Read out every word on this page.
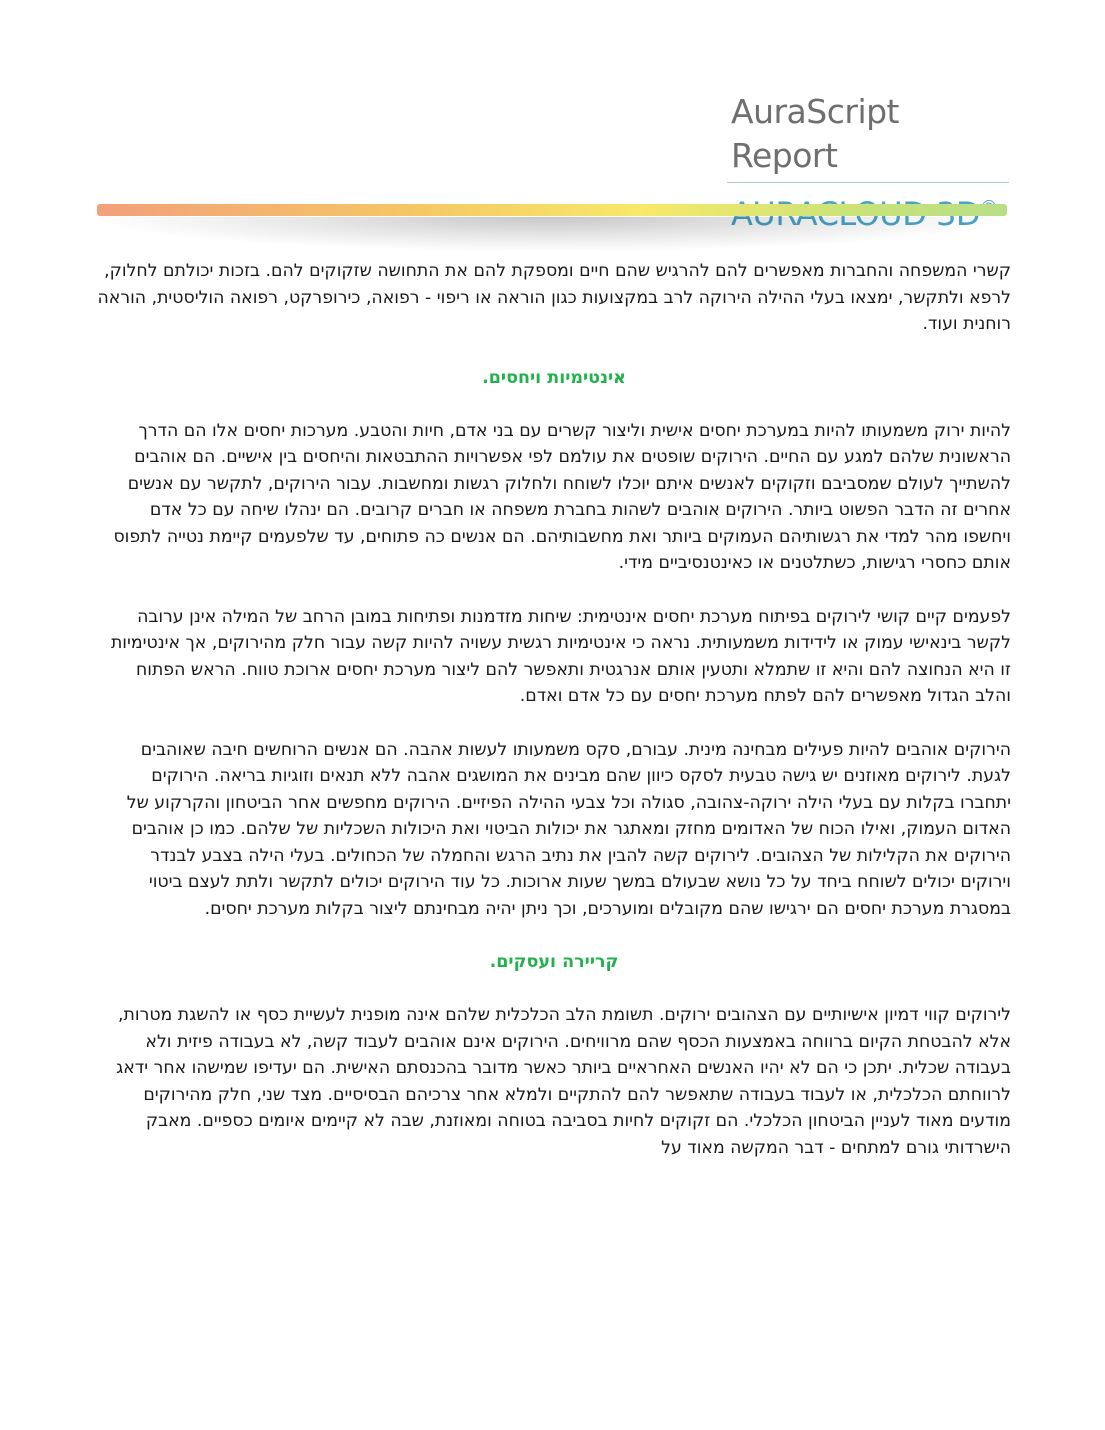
AuraScript Report

קשרי המשפחה והחברות מאפשרים להם להרגיש שהם חיים ומספקת להם את התחושה שזקוקים להם. בזכות יכולתם לחלוק, לרפא ולתקשר, ימצאו בעלי ההילה הירוקה לרב במקצועות כגון הוראה או ריפוי - רפואה, כירופרקט, רפואה הוליסטית, הוראה רוחנית ועוד.

אינטימיות ויחסים.

להיות ירוק משמעותו להיות במערכת יחסים אישית וליצור קשרים עם בני אדם, חיות והטבע. מערכות יחסים אלו הם הדרך הראשונית שלהם למגע עם החיים. הירוקים שופטים את עולמם לפי אפשרויות ההתבטאות והיחסים בין אישיים. הם אוהבים להשתייך לעולם שמסביבם וזקוקים לאנשים איתם יוכלו לשוחח ולחלוק רגשות ומחשבות. עבור הירוקים, לתקשר עם אנשים אחרים זה הדבר הפשוט ביותר. הירוקים אוהבים לשהות בחברת משפחה או חברים קרובים. הם ינהלו שיחה עם כל אדם ויחשפו מהר למדי את רגשותיהם העמוקים ביותר ואת מחשבותיהם. הם אנשים כה פתוחים, עד שלפעמים קיימת נטייה לתפוס אותם כחסרי רגישות, כשתלטנים או כאינטנסיביים מידי.

לפעמים קיים קושי לירוקים בפיתוח מערכת יחסים אינטימית: שיחות מזדמנות ופתיחות במובן הרחב של המילה אינן ערובה לקשר בינאישי עמוק או לידידות משמעותית. נראה כי אינטימיות רגשית עשויה להיות קשה עבור חלק מהירוקים, אך אינטימיות זו היא הנחוצה להם והיא זו שתמלא ותטעין אותם אנרגטית ותאפשר להם ליצור מערכת יחסים ארוכת טווח. הראש הפתוח והלב הגדול מאפשרים להם לפתח מערכת יחסים עם כל אדם ואדם.

הירוקים אוהבים להיות פעילים מבחינה מינית. עבורם, סקס משמעותו לעשות אהבה. הם אנשים הרוחשים חיבה שאוהבים לגעת. לירוקים מאוזנים יש גישה טבעית לסקס כיוון שהם מבינים את המושגים אהבה ללא תנאים וזוגיות בריאה. הירוקים יתחברו בקלות עם בעלי הילה ירוקה-צהובה, סגולה וכל צבעי ההילה הפיזיים. הירוקים מחפשים אחר הביטחון והקרקוע של האדום העמוק, ואילו הכוח של האדומים מחזק ומאתגר את יכולות הביטוי ואת היכולות השכליות של שלהם. כמו כן אוהבים הירוקים את הקלילות של הצהובים. לירוקים קשה להבין את נתיב הרגש והחמלה של הכחולים. בעלי הילה בצבע לבנדר וירוקים יכולים לשוחח ביחד על כל נושא שבעולם במשך שעות ארוכות. כל עוד הירוקים יכולים לתקשר ולתת לעצם ביטוי במסגרת מערכת יחסים הם ירגישו שהם מקובלים ומוערכים, וכך ניתן יהיה מבחינתם ליצור בקלות מערכת יחסים.

קריירה ועסקים.

לירוקים קווי דמיון אישיותיים עם הצהובים ירוקים. תשומת הלב הכלכלית שלהם אינה מופנית לעשיית כסף או להשגת מטרות, אלא להבטחת הקיום ברווחה באמצעות הכסף שהם מרוויחים. הירוקים אינם אוהבים לעבוד קשה, לא בעבודה פיזית ולא בעבודה שכלית. יתכן כי הם לא יהיו האנשים האחראיים ביותר כאשר מדובר בהכנסתם האישית. הם יעדיפו שמישהו אחר ידאג לרווחתם הכלכלית, או לעבוד בעבודה שתאפשר להם להתקיים ולמלא אחר צרכיהם הבסיסיים. מצד שני, חלק מהירוקים מודעים מאוד לעניין הביטחון הכלכלי. הם זקוקים לחיות בסביבה בטוחה ומאוזנת, שבה לא קיימים איומים כספיים. מאבק הישרדותי גורם למתחים - דבר המקשה מאוד על
